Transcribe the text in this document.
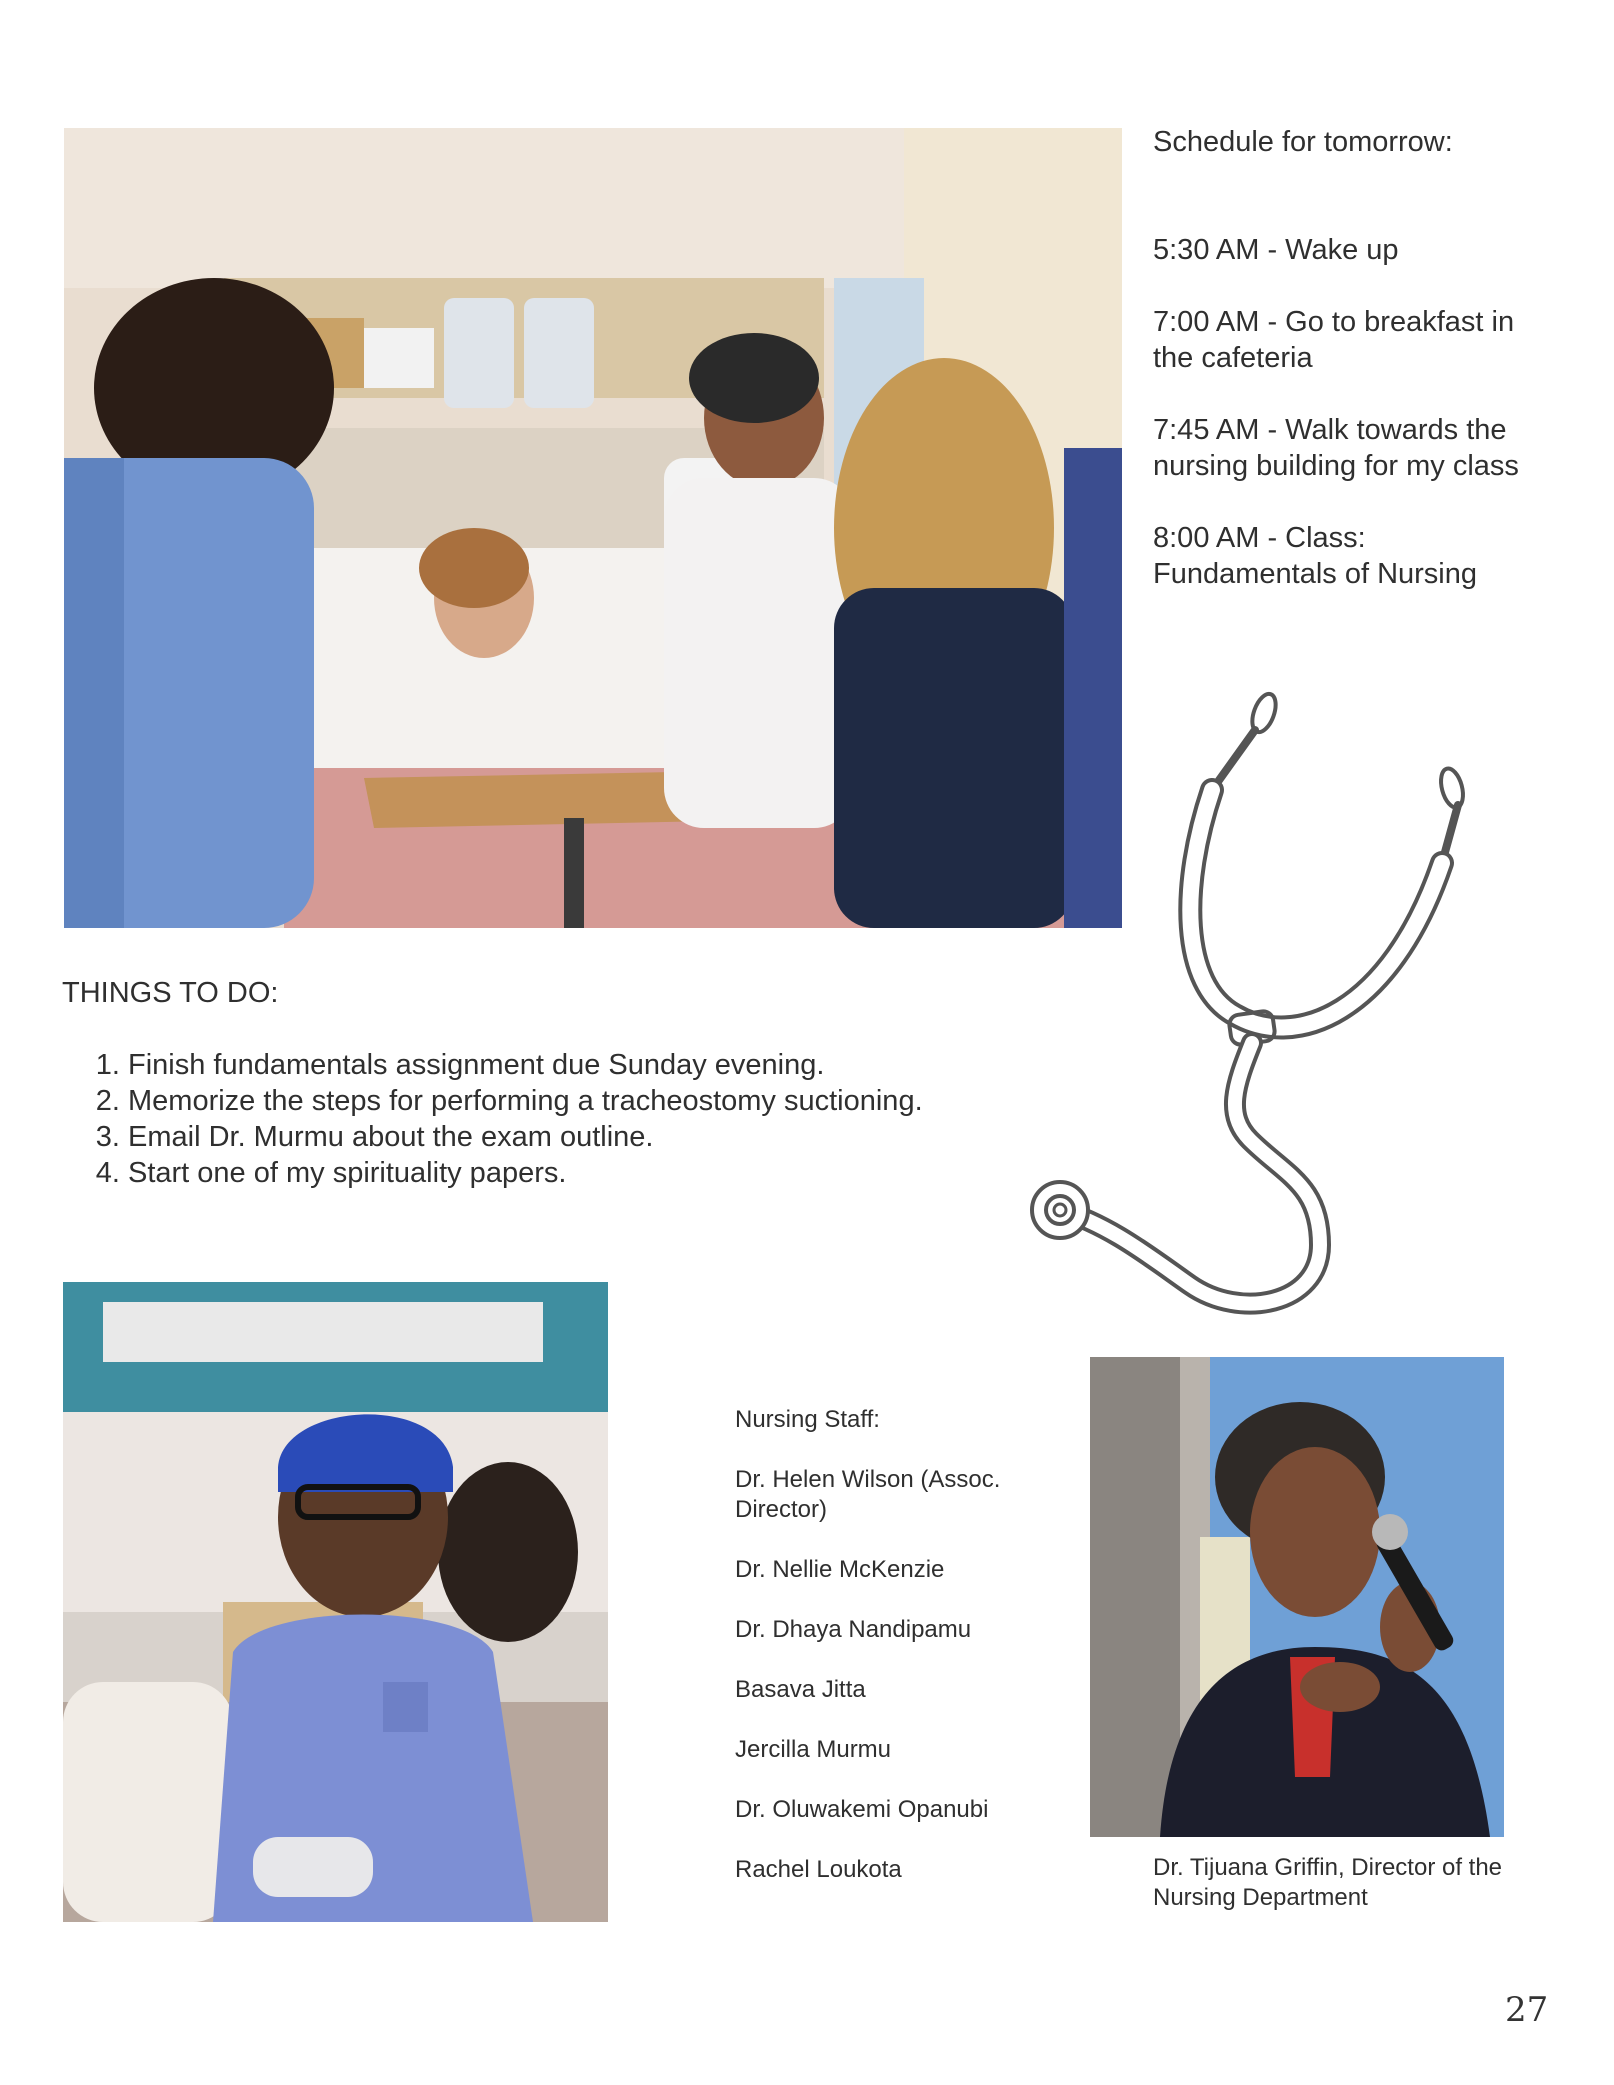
Schedule for tomorrow:
5:30 AM - Wake up
7:00 AM - Go to breakfast in the cafeteria
7:45 AM - Walk towards the nursing building for my class
8:00 AM - Class: Fundamentals of Nursing
THINGS TO DO:
1. Finish fundamentals assignment due Sunday evening.
2. Memorize the steps for performing a tracheostomy suctioning.
3. Email Dr. Murmu about the exam outline.
4. Start one of my spirituality papers.
Nursing Staff:
Dr. Helen Wilson (Assoc. Director)
Dr. Nellie McKenzie
Dr. Dhaya Nandipamu
Basava Jitta
Jercilla Murmu
Dr. Oluwakemi Opanubi
Rachel Loukota	Dr. Tijuana Griffin, Director of the Nursing Department
27
